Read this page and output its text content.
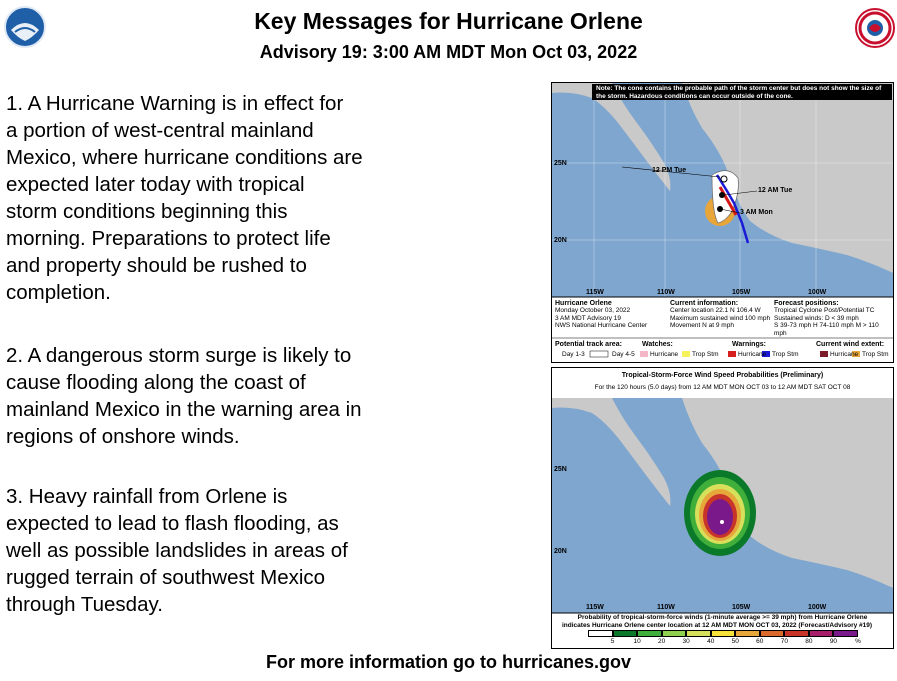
Key Messages for Hurricane Orlene
Advisory 19: 3:00 AM MDT Mon Oct 03, 2022
1. A Hurricane Warning is in effect for
a portion of west-central mainland
Mexico, where hurricane conditions are
expected later today with tropical
storm conditions beginning this
morning. Preparations to protect life
and property should be rushed to
completion.
2. A dangerous storm surge is likely to
cause flooding along the coast of
mainland Mexico in the warning area in
regions of onshore winds.
3. Heavy rainfall from Orlene is
expected to lead to flash flooding, as
well as possible landslides in areas of
rugged terrain of southwest Mexico
through Tuesday.
Note: The cone contains the probable path of the storm center but does not show the size of the storm. Hazardous conditions can occur outside of the cone.
25N
20N
115W	110W	105W	100W
12 PM Tue
12 AM Tue
3 AM Mon
Hurricane Orlene
Monday October 03, 2022
3 AM MDT Advisory 19
NWS National Hurricane Center
Current information:
Center location 22.1 N 106.4 W
Maximum sustained wind 100 mph
Movement N at 9 mph
Forecast positions:
Tropical Cyclone Post/Potential TC
Sustained winds: D < 39 mph
S 39-73 mph H 74-110 mph M > 110 mph
Potential track area:
Day 1-3	Day 4-5
Watches:
Hurricane Trop Stm
Warnings:
Hurricane Trop Stm
Current wind extent:
Hurricane Trop Stm
Tropical-Storm-Force Wind Speed Probabilities (Preliminary)
For the 120 hours (5.0 days) from 12 AM MDT MON OCT 03 to 12 AM MDT SAT OCT 08
25N
20N
115W	110W	105W	100W
Probability of tropical-storm-force winds (1-minute average >= 39 mph) from Hurricane Orlene
indicates Hurricane Orlene center location at 12 AM MDT MON OCT 03, 2022 (Forecast/Advisory #19)
5	10	20	30	40	50	60	70	80	90	%
For more information go to hurricanes.gov
